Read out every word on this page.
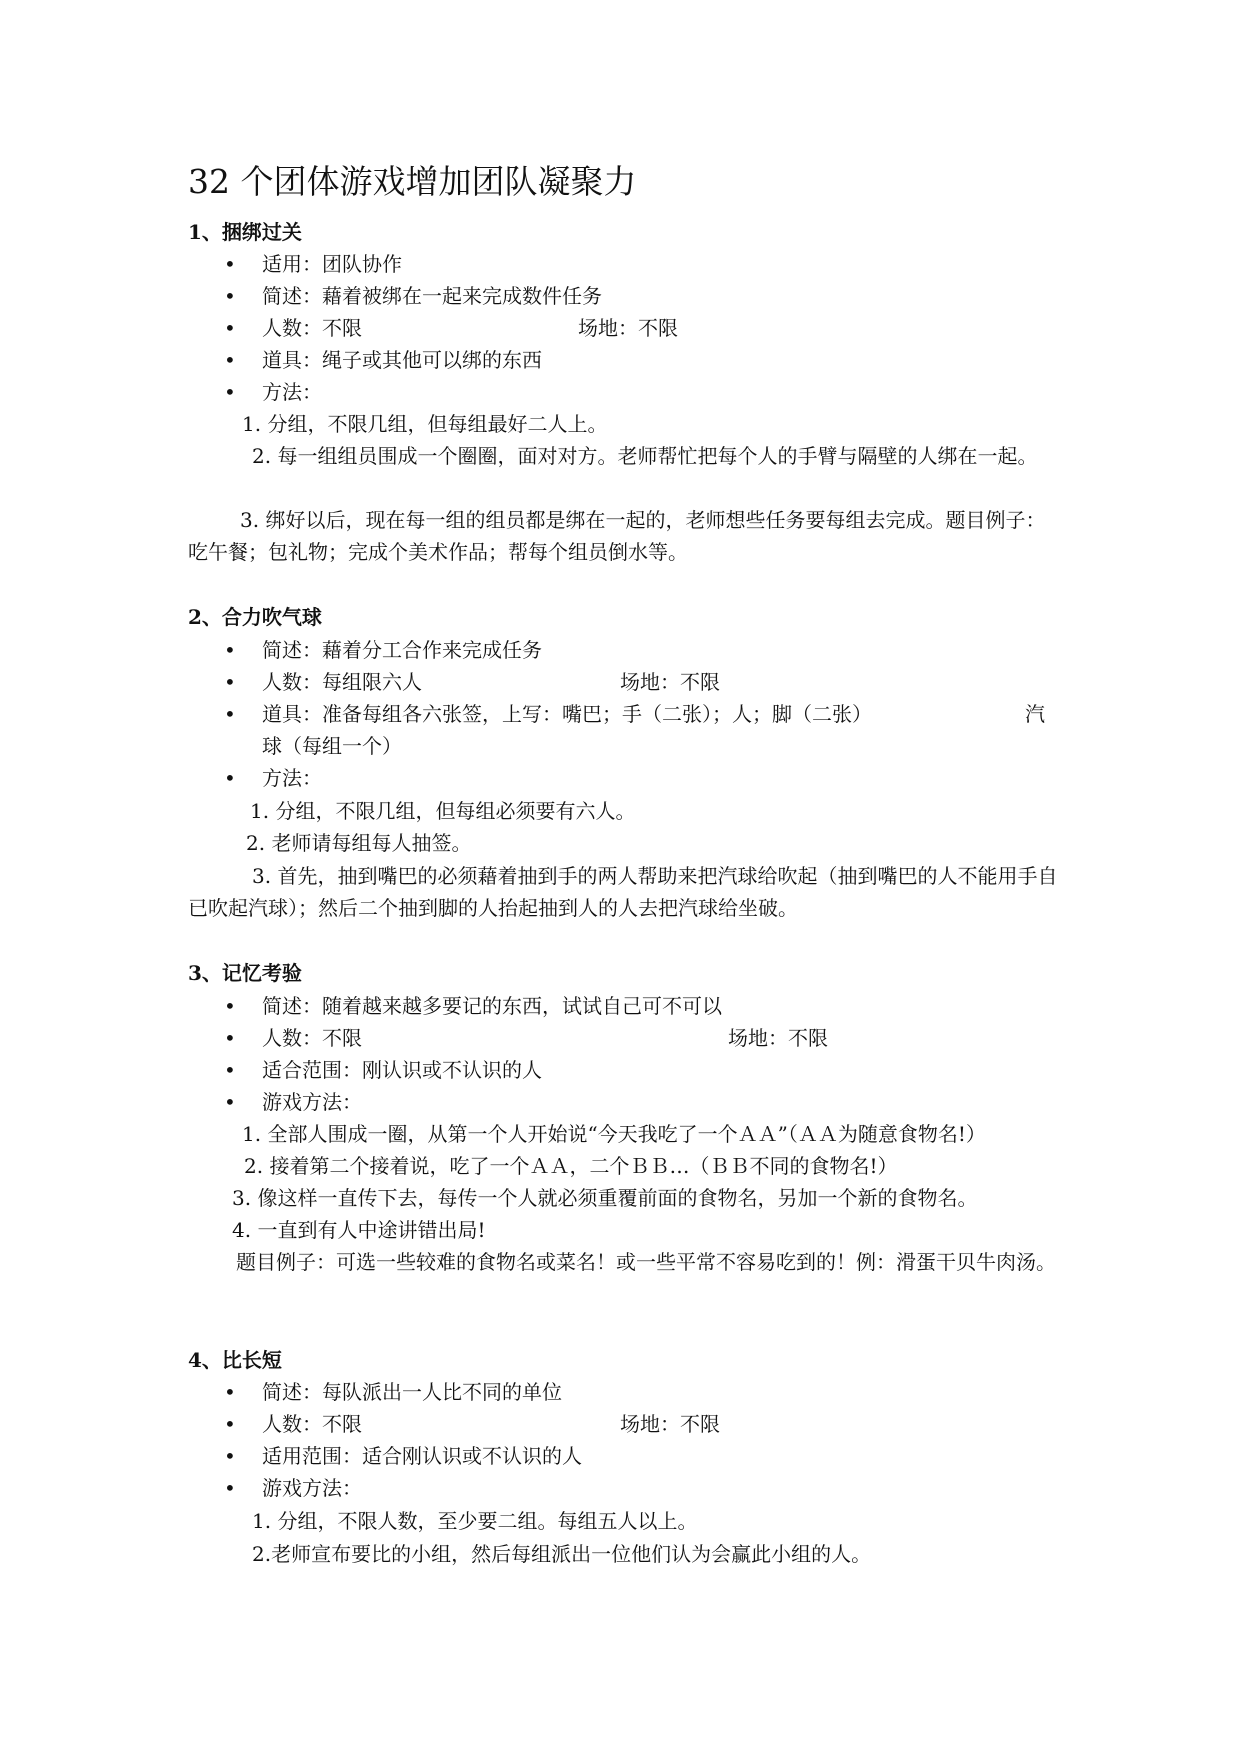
32 个团体游戏增加团队凝聚力
1、捆绑过关
• 适用：团队协作
• 简述：藉着被绑在一起来完成数件任务
• 人数：不限	场地：不限
• 道具：绳子或其他可以绑的东西
• 方法：
1. 分组，不限几组，但每组最好二人上。
2. 每一组组员围成一个圈圈，面对对方。老师帮忙把每个人的手臂与隔壁的人绑在一起。
3. 绑好以后，现在每一组的组员都是绑在一起的，老师想些任务要每组去完成。题目例子：吃午餐；包礼物；完成个美术作品；帮每个组员倒水等。
2、合力吹气球
• 简述：藉着分工合作来完成任务
• 人数：每组限六人	场地：不限
• 道具：准备每组各六张签，上写：嘴巴；手（二张）；人；脚（二张）	汽
球（每组一个）
• 方法：
1. 分组，不限几组，但每组必须要有六人。
2. 老师请每组每人抽签。
3. 首先，抽到嘴巴的必须藉着抽到手的两人帮助来把汽球给吹起（抽到嘴巴的人不能用手自已吹起汽球）；然后二个抽到脚的人抬起抽到人的人去把汽球给坐破。
3、记忆考验
• 简述：随着越来越多要记的东西，试试自己可不可以
• 人数：不限	场地：不限
• 适合范围：刚认识或不认识的人
• 游戏方法：
1. 全部人围成一圈，从第一个人开始说“今天我吃了一个ＡＡ”（ＡＡ为随意食物名!）
2. 接着第二个接着说，吃了一个ＡＡ，二个ＢＢ…（ＢＢ不同的食物名!）
3. 像这样一直传下去，每传一个人就必须重覆前面的食物名，另加一个新的食物名。
4. 一直到有人中途讲错出局!
题目例子：可选一些较难的食物名或菜名！或一些平常不容易吃到的！例：滑蛋干贝牛肉汤。
4、比长短
• 简述：每队派出一人比不同的单位
• 人数：不限	场地：不限
• 适用范围：适合刚认识或不认识的人
• 游戏方法：
1. 分组，不限人数，至少要二组。每组五人以上。
2.老师宣布要比的小组，然后每组派出一位他们认为会赢此小组的人。
